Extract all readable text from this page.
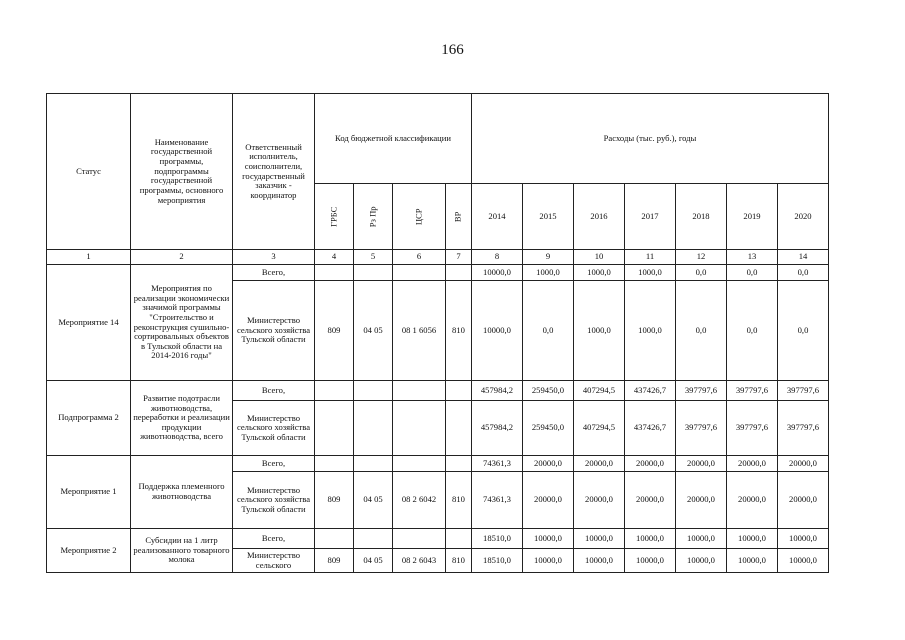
166
Статус	Наименование государственной программы, подпрограммы государственной программы, основного мероприятия	Ответственный исполнитель, соисполнители, государственный заказчик - координатор	Код бюджетной классификации				Расходы (тыс. руб.), годы						
			ГРБС	Рз Пр	ЦСР	ВР	2014	2015	2016	2017	2018	2019	2020
1	2	3	4	5	6	7	8	9	10	11	12	13	14
Мероприятие 14	Мероприятия по реализации экономически значимой программы "Строительство и реконструкция сушильно-сортировальных объектов в Тульской области на 2014-2016 годы"	Всего,					10000,0	1000,0	1000,0	1000,0	0,0	0,0	0,0
		Министерство сельского хозяйства Тульской области	809	04 05	08 1 6056	810	10000,0	0,0	1000,0	1000,0	0,0	0,0	0,0
Подпрограмма 2	Развитие подотрасли животноводства, переработки и реализации продукции животноводства, всего	Всего,					457984,2	259450,0	407294,5	437426,7	397797,6	397797,6	397797,6
		Министерство сельского хозяйства Тульской области					457984,2	259450,0	407294,5	437426,7	397797,6	397797,6	397797,6
Мероприятие 1	Поддержка племенного животноводства	Всего,					74361,3	20000,0	20000,0	20000,0	20000,0	20000,0	20000,0
		Министерство сельского хозяйства Тульской области	809	04 05	08 2 6042	810	74361,3	20000,0	20000,0	20000,0	20000,0	20000,0	20000,0
Мероприятие 2	Субсидии на 1 литр реализованного товарного молока	Всего,					18510,0	10000,0	10000,0	10000,0	10000,0	10000,0	10000,0
		Министерство сельского	809	04 05	08 2 6043	810	18510,0	10000,0	10000,0	10000,0	10000,0	10000,0	10000,0
